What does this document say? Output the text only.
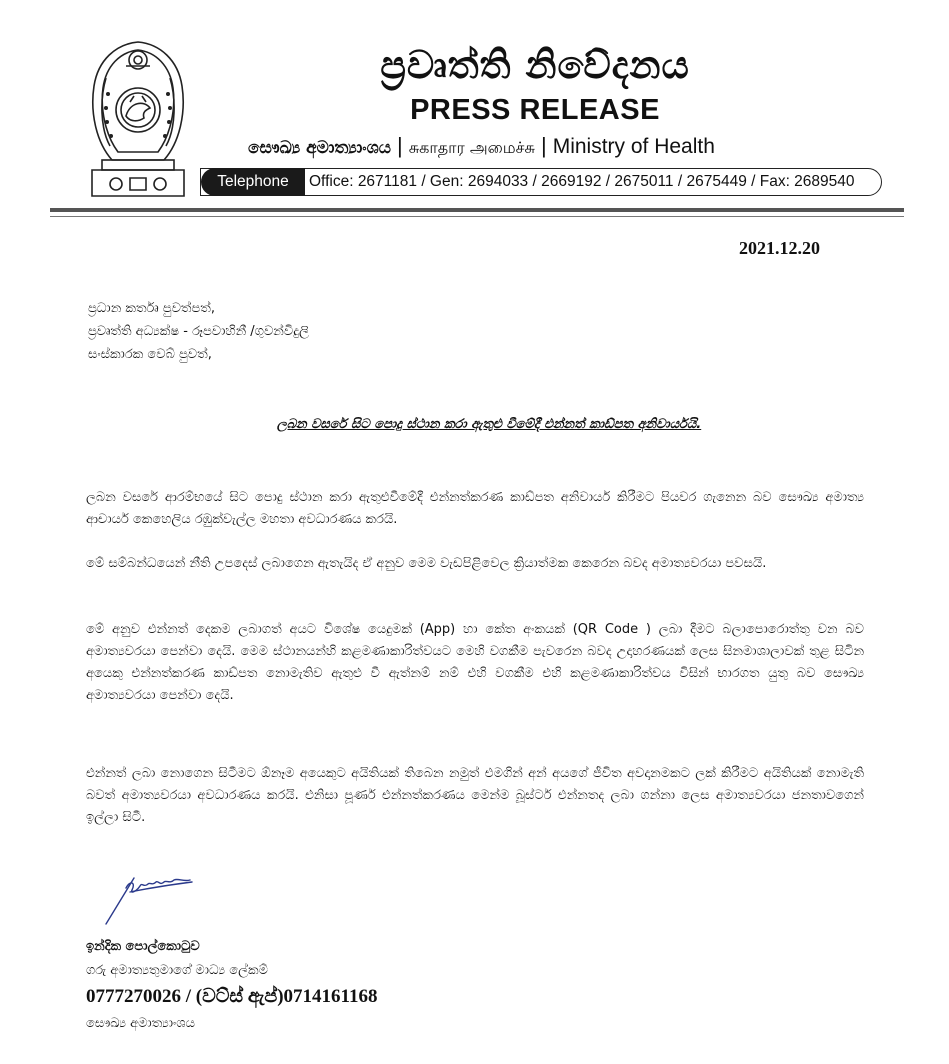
ප්‍රවෘත්ති නිවේදනය
PRESS RELEASE
සෞඛ්‍ය අමාත්‍යාංශය | சுகாதார அமைச்சு | Ministry of Health
Telephone	Office: 2671181 / Gen: 2694033 / 2669192 / 2675011 / 2675449 / Fax: 2689540
2021.12.20
ප්‍රධාන කර්තෘ පුවත්පත්,
ප්‍රවෘත්ති අධ්‍යක්ෂ - රූපවාහිනී /ගුවන්විදුලි
සංස්කාරක වෙබ් පුවත්,
ලබන වසරේ සිට පොදු ස්ථාන කරා ඇතුළු වීමේදී එන්නත් කාඩ්පත අනිවාර්යයි.
ලබන වසරේ ආරම්භයේ සිට පොදු ස්ථාන කරා ඇතුළුවීමේදී එන්නත්කරණ කාඩ්පත අනිවාර්ය කිරීමට පියවර ගැනෙන බව සෞඛ්‍ය අමාත්‍ය ආචාර්ය කෙහෙලිය රඹුක්වැල්ල මහතා අවධාරණය කරයි.
මේ සම්බන්ධයෙන් නීති උපදෙස් ලබාගෙන ඇතැයිද ඒ අනුව මෙම වැඩපිළිවෙල ක්‍රියාත්මක කෙරෙන බවද අමාත්‍යවරයා පවසයි.
මේ අනුව එන්නත් දෙකම ලබාගත් අයට විශේෂ යෙදුමක් (App) හා කේත අංකයක් (QR Code ) ලබා දීමට බලාපොරොත්තු වන බව අමාත්‍යවරයා පෙන්වා දෙයි. මෙම ස්ථානයන්හි කළමණාකාරිත්වයට මෙහි වගකීම පැවරෙන බවද උදාහරණයක් ලෙස සිනමාශාලාවක් තුළ සිටින අයෙකු එන්නත්කරණ කාඩ්පත නොමැතිව ඇතුළු වී ඇත්නම් නම් එහි වගකීම එහි කළමණාකාරිත්වය විසින් භාරගත යුතු බව සෞඛ්‍ය අමාත්‍යවරයා පෙන්වා දෙයි.
එන්නත් ලබා නොගෙන සිටීමට ඕනෑම අයෙකුට අයිතියක් තිබෙන නමුත් එමගින් අන් අයගේ ජීවිත අවදානමකට ලක් කිරීමට අයිතියක් නොමැති බවත් අමාත්‍යවරයා අවධාරණය කරයි. එනිසා පූර්ණ එන්නත්කරණය මෙන්ම බූස්ටර් එන්නතද ලබා ගන්නා ලෙස අමාත්‍යවරයා ජනතාවගෙන් ඉල්ලා සිටී.
ඉන්දික පොල්කොටුව
ගරු අමාත්‍යතුමාගේ මාධ්‍ය ලේකම්
0777270026 / (වට්ස් ඇප්)0714161168
සෞඛ්‍ය අමාත්‍යාංශය
